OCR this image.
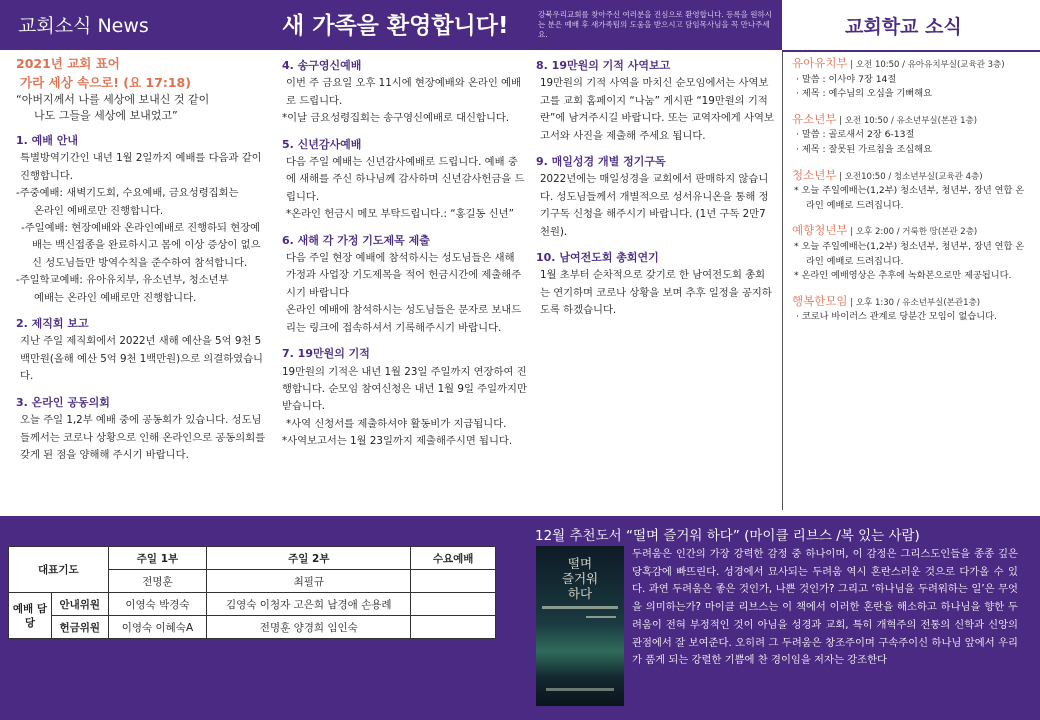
교회소식 News	새 가족을 환영합니다!	강북우리교회를 찾아주신 여러분을 진심으로 환영합니다. 등록을 원하시는 분은 예배 후 새가족팀의 도움을 받으시고 담임목사님을 꼭 만나주세요.	교회학교 소식
2021년 교회 표어
가라 세상 속으로! (요 17:18)
“아버지께서 나를 세상에 보내신 것 같이
나도 그들을 세상에 보내었고”
1. 예배 안내

특별방역기간인 내년 1월 2일까지 예배를 다음과 같이 진행합니다.

-주중예배: 새벽기도회, 수요예배, 금요성령집회는

온라인 예배로만 진행합니다.

-주일예배: 현장예배와 온라인예배로 진행하되 현장예배는 백신접종을 완료하시고 몸에 이상 증상이 없으신 성도님들만 방역수칙을 준수하여 참석합니다.

-주일학교예배: 유아유치부, 유소년부, 청소년부

예배는 온라인 예배로만 진행합니다.

2. 제직회 보고

지난 주일 제직회에서 2022년 새해 예산을 5억 9천 5백만원(올해 예산 5억 9천 1백만원)으로 의결하였습니다.

3. 온라인 공동의회

오늘 주일 1,2부 예배 중에 공동회가 있습니다. 성도님들께서는 코로나 상황으로 인해 온라인으로 공동의회를 갖게 된 점을 양해해 주시기 바랍니다.

4. 송구영신예배

이번 주 금요일 오후 11시에 현장예배와 온라인 예배로 드립니다.

*이날 금요성령집회는 송구영신예배로 대신합니다.

5. 신년감사예배

다음 주일 예배는 신년감사예배로 드립니다. 예배 중에 새해를 주신 하나님께 감사하며 신년감사헌금을 드립니다.

*온라인 헌금시 메모 부탁드립니다.: “홍길동 신년”

6. 새해 각 가정 기도제목 제출

다음 주일 현장 예배에 참석하시는 성도님들은 새해 가정과 사업장 기도제목을 적어 헌금시간에 제출해주시기 바랍니다

온라인 예배에 참석하시는 성도님들은 문자로 보내드리는 링크에 접속하셔서 기록해주시기 바랍니다.

7. 19만원의 기적

19만원의 기적은 내년 1월 23일 주일까지 연장하여 진행합니다. 순모임 참여신청은 내년 1월 9일 주일까지만 받습니다.

*사역 신청서를 제출하셔야 활동비가 지급됩니다.

*사역보고서는 1월 23일까지 제출해주시면 됩니다.

8. 19만원의 기적 사역보고

19만원의 기적 사역을 마치신 순모임에서는 사역보고를 교회 홈페이지 “나눔” 게시판 “19만원의 기적란”에 남겨주시길 바랍니다. 또는 교역자에게 사역보고서와 사진을 제출해 주세요 됩니다.

9. 매일성경 개별 정기구독

2022년에는 매일성경을 교회에서 판매하지 않습니다. 성도님들께서 개별적으로 성서유니온을 통해 정기구독 신청을 해주시기 바랍니다. (1년 구독 2만7천원).

10. 남여전도회 총회연기

1월 초부터 순차적으로 갖기로 한 남여전도회 총회는 연기하며 코로나 상황을 보며 추후 일정을 공지하도록 하겠습니다.

유아유치부 | 오전 10:50 / 유아유치부실(교육관 3층)
· 말씀 : 이사야 7장 14절
· 제목 : 예수님의 오심을 기뻐해요
유소년부 | 오전 10:50 / 유소년부실(본관 1층)
· 말씀 : 골로새서 2장 6-13절
· 제목 : 잘못된 가르침을 조심해요
청소년부 | 오전10:50 / 청소년부실(교육관 4층)
* 오늘 주일예배는(1,2부) 청소년부, 청년부, 장년 연합 온라인 예배로 드려집니다.
예향청년부 | 오후 2:00 / 거룩한 땅(본관 2층)
* 오늘 주일예배는(1,2부) 청소년부, 청년부, 장년 연합 온라인 예배로 드려집니다.
* 온라인 예배영상은 추후에 녹화본으로만 제공됩니다.
행복한모임 | 오후 1:30 / 유소년부실(본관1층)
· 코로나 바이러스 관계로 당분간 모임이 없습니다.
대표기도		주일 1부	주일 2부	수요예배
		전명훈	최필규	
예배 담당	안내위원	이영숙 박경숙	김영숙 이청자 고은희 남경애 손용례	
	헌금위원	이영숙 이혜숙A	전명훈 양경희 임인숙	
12월 추천도서 “떨며 즐거워 하다” (마이클 리브스 /복 있는 사람)
떨며
즐거워
하다
두려움은 인간의 가장 강력한 감정 중 하나이며, 이 감정은 그리스도인들을 종종 깊은 당혹감에 빠뜨린다. 성경에서 묘사되는 두려움 역시 혼란스러운 것으로 다가올 수 있다. 과연 두려움은 좋은 것인가, 나쁜 것인가? 그리고 ‘하나님을 두려워하는 일’은 무엇을 의미하는가? 마이클 리브스는 이 책에서 이러한 혼란을 해소하고 하나님을 향한 두려움이 전혀 부정적인 것이 아님을 성경과 교회, 특히 개혁주의 전통의 신학과 신앙의 관점에서 잘 보여준다. 오히려 그 두려움은 창조주이며 구속주이신 하나님 앞에서 우리가 품게 되는 강렬한 기쁨에 찬 경이임을 저자는 강조한다
